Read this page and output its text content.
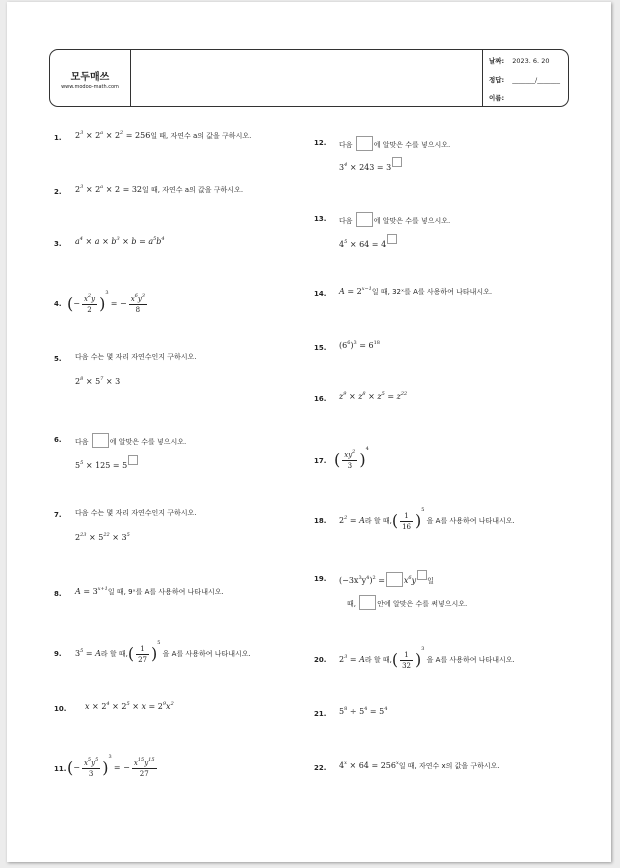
모두매쓰
www.modoo-math.com
날짜: 2023. 6. 20
정답: _______/_______
이름:
1. $2^3 \times 2^a \times 2^2 = 256$일 때, 자연수 a의 값을 구하시오.
2. $2^3 \times 2^a \times 2 = 32$일 때, 자연수 a의 값을 구하시오.
3. $a^4 \times a \times b^3 \times b = a^5b^4$
4. (− $\frac{x^2y}{2} )^3$ = − $\frac{x^6y^3}{8}$
5. 다음 수는 몇 자리 자연수인지 구하시오.
$2^8 \times 5^7 \times 3$
6. 다음	에 알맞은 수를 넣으시오.
$5^5 \times 125 = 5$
7. 다음 수는 몇 자리 자연수인지 구하시오.
$2^{23} \times 5^{22} \times 3^5$
8. $A = 3^{x+1}$일 때, 9ˣ를 A를 사용하여 나타내시오.
9. $3^5 = A$라 할 때,( $\frac{1}{27} )^5$ 을 A를 사용하여 나타내시오.
10. $x \times 2^4 \times 2^5 \times x = 2^9x^2$
11. (− $\frac{x^5y^5}{3} )^3$ = − $\frac{x^{15}y^{15}}{27}$
12. 다음	에 알맞은 수를 넣으시오.
$3^4 \times 243 = 3$
13. 다음	에 알맞은 수를 넣으시오.
$4^5 \times 64 = 4$
14. $A = 2^{x-1}$일 때, 32ˣ를 A를 사용하여 나타내시오.
15. $(6^6)^3 = 6^{18}$
16. $z^9 \times z^8 \times z^5 = z^{22}$
17. ( $\frac{xy^2}{3} )^4$
18. $2^2 = A$라 할 때,( $\frac{1}{16} )^5$ 을 A를 사용하여 나타내시오.
19. $(-3x^3y^4)^2 = x^6y$ 일
때,	안에 알맞은 수를 써넣으시오.
20. $2^3 = A$라 할 때,( $\frac{1}{32} )^3$ 을 A를 사용하여 나타내시오.
21. $5^8 \div 5^4 = 5^4$
22. $4^x \times 64 = 256^x$일 때, 자연수 x의 값을 구하시오.
